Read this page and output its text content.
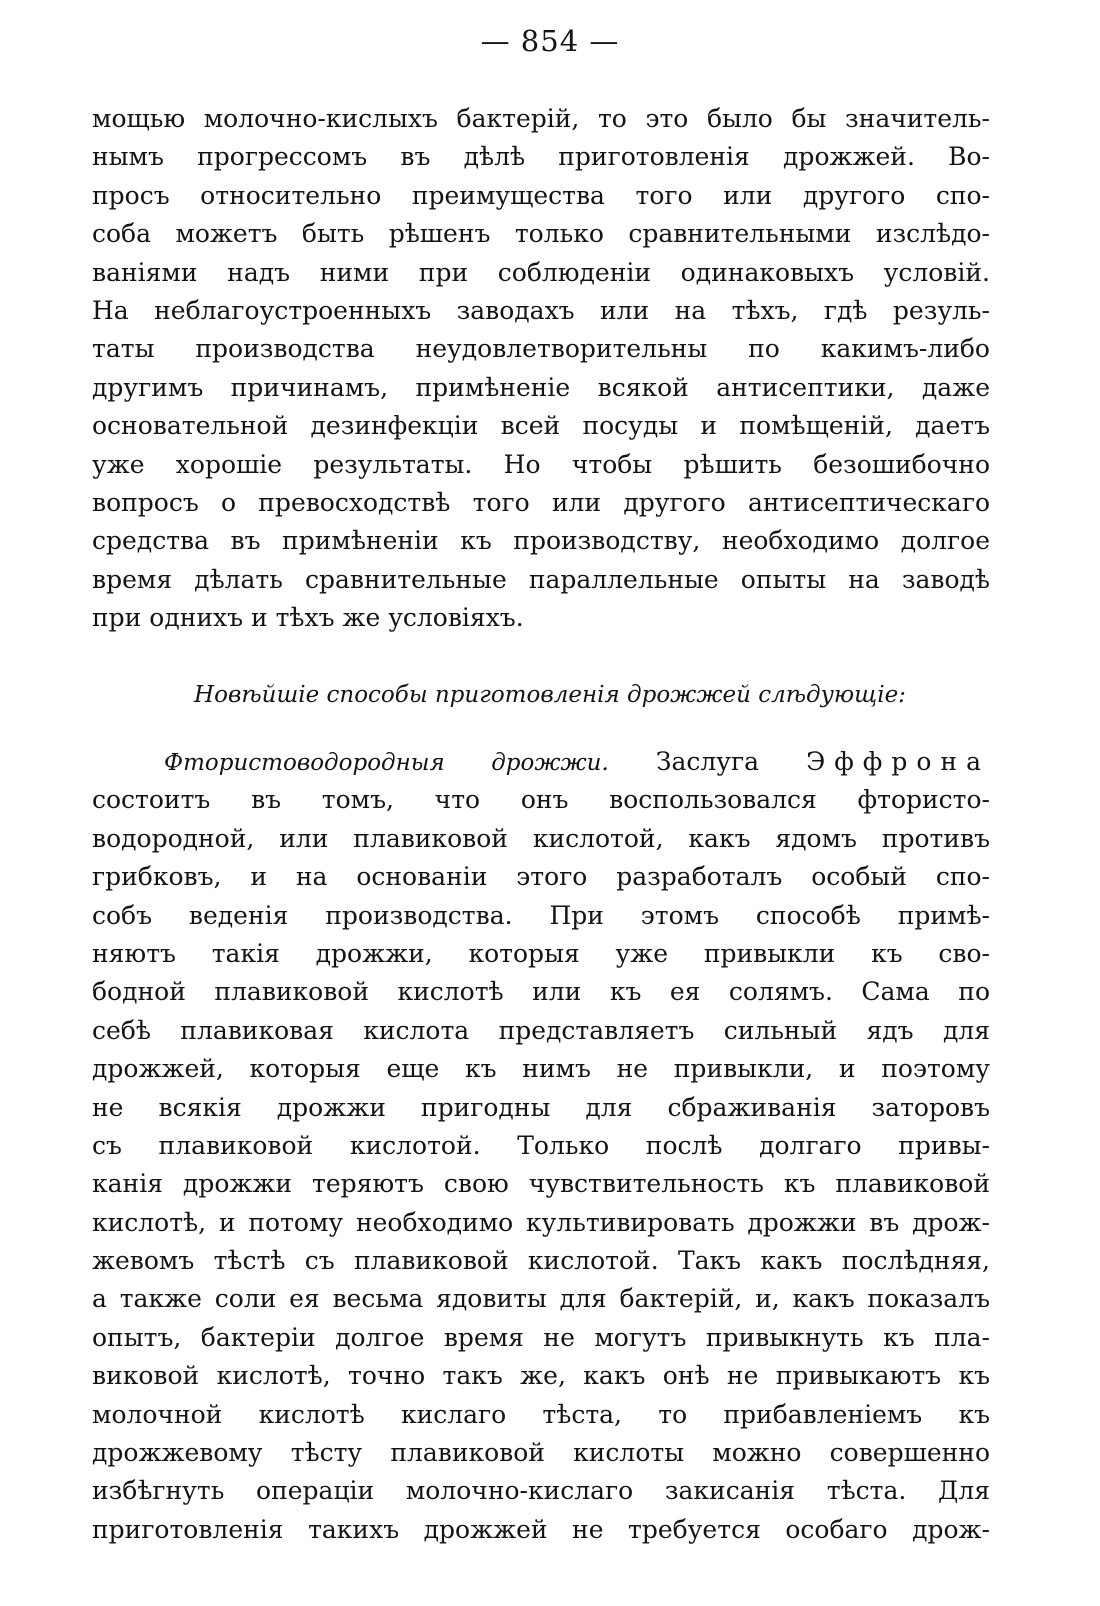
— 854 —
мощью молочно-кислыхъ бактерій, то это было бы значитель-
нымъ прогрессомъ въ дѣлѣ приготовленія дрожжей. Во-
просъ относительно преимущества того или другого спо-
соба можетъ быть рѣшенъ только сравнительными изслѣдо-
ваніями надъ ними при соблюденіи одинаковыхъ условій.
На неблагоустроенныхъ заводахъ или на тѣхъ, гдѣ резуль-
таты производства неудовлетворительны по какимъ-либо
другимъ причинамъ, примѣненіе всякой антисептики, даже
основательной дезинфекціи всей посуды и помѣщеній, даетъ
уже хорошіе результаты. Но чтобы рѣшить безошибочно
вопросъ о превосходствѣ того или другого антисептическаго
средства въ примѣненіи къ производству, необходимо долгое
время дѣлать сравнительные параллельные опыты на заводѣ
при однихъ и тѣхъ же условіяхъ.
Новѣйшіе способы приготовленія дрожжей слѣдующіе:
Фтористоводородныя дрожжи. Заслуга Эффрона
состоитъ въ томъ, что онъ воспользовался фтористо-
водородной, или плавиковой кислотой, какъ ядомъ противъ
грибковъ, и на основаніи этого разработалъ особый спо-
собъ веденія производства. При этомъ способѣ примѣ-
няютъ такія дрожжи, которыя уже привыкли къ сво-
бодной плавиковой кислотѣ или къ ея солямъ. Сама по
себѣ плавиковая кислота представляетъ сильный ядъ для
дрожжей, которыя еще къ нимъ не привыкли, и поэтому
не всякія дрожжи пригодны для сбраживанія заторовъ
съ плавиковой кислотой. Только послѣ долгаго привы-
канія дрожжи теряютъ свою чувствительность къ плавиковой
кислотѣ, и потому необходимо культивировать дрожжи въ дрож-
жевомъ тѣстѣ съ плавиковой кислотой. Такъ какъ послѣдняя,
а также соли ея весьма ядовиты для бактерій, и, какъ показалъ
опытъ, бактеріи долгое время не могутъ привыкнуть къ пла-
виковой кислотѣ, точно такъ же, какъ онѣ не привыкаютъ къ
молочной кислотѣ кислаго тѣста, то прибавленіемъ къ
дрожжевому тѣсту плавиковой кислоты можно совершенно
избѣгнуть операціи молочно-кислаго закисанія тѣста. Для
приготовленія такихъ дрожжей не требуется особаго дрож-
